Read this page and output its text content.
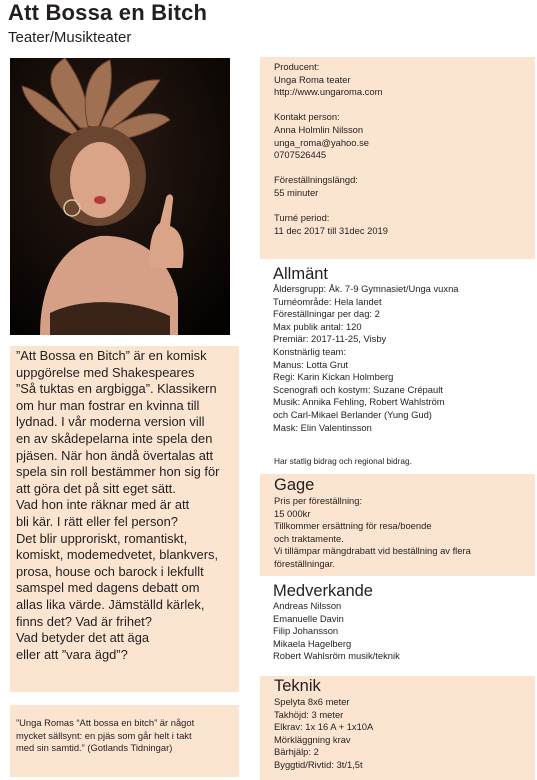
Att Bossa en Bitch
Teater/Musikteater
”Att Bossa en Bitch” är en komisk
uppgörelse med Shakespeares
”Så tuktas en argbigga”. Klassikern
om hur man fostrar en kvinna till
lydnad. I vår moderna version vill
en av skådepelarna inte spela den
pjäsen. När hon ändå övertalas att
spela sin roll bestämmer hon sig för
att göra det på sitt eget sätt.
Vad hon inte räknar med är att
bli kär. I rätt eller fel person?
Det blir upproriskt, romantiskt,
komiskt, modemedvetet, blankvers,
prosa, house och barock i lekfullt
samspel med dagens debatt om
allas lika värde. Jämställd kärlek,
finns det? Vad är frihet?
Vad betyder det att äga
eller att ”vara ägd”?
”Unga Romas “Att bossa en bitch” är något
mycket sällsynt: en pjäs som går helt i takt
med sin samtid.” (Gotlands Tidningar)
Producent:
Unga Roma teater
http://www.ungaroma.com

Kontakt person:
Anna Holmlin Nilsson
unga_roma@yahoo.se
0707526445

Föreställningslängd:
55 minuter

Turné period:
11 dec 2017 till 31dec 2019
Allmänt
Åldersgrupp: Åk. 7-9 Gymnasiet/Unga vuxna
Turnéområde: Hela landet
Föreställningar per dag: 2
Max publik antal: 120
Premiär: 2017-11-25, Visby
Konstnärlig team:
Manus: Lotta Grut
Regi: Karin Kickan Holmberg
Scenografi och kostym: Suzane Crépault
Musik: Annika Fehling, Robert Wahlström
och Carl-Mikael Berlander (Yung Gud)
Mask: Elin Valentinsson
Har statlig bidrag och regional bidrag.
Gage
Pris per föreställning:
15 000kr
Tillkommer ersättning för resa/boende
och traktamente.
Vi tillämpar mängdrabatt vid beställning av flera
föreställningar.
Medverkande
Andreas Nilsson
Emanuelle Davin
Filip Johansson
Mikaela Hagelberg
Robert Wahlsröm musik/teknik
Teknik
Spelyta 8x6 meter
Takhöjd: 3 meter
Elkrav: 1x 16 A + 1x10A
Mörkläggning krav
Bärhjälp: 2
Byggtid/Rivtid: 3t/1,5t
